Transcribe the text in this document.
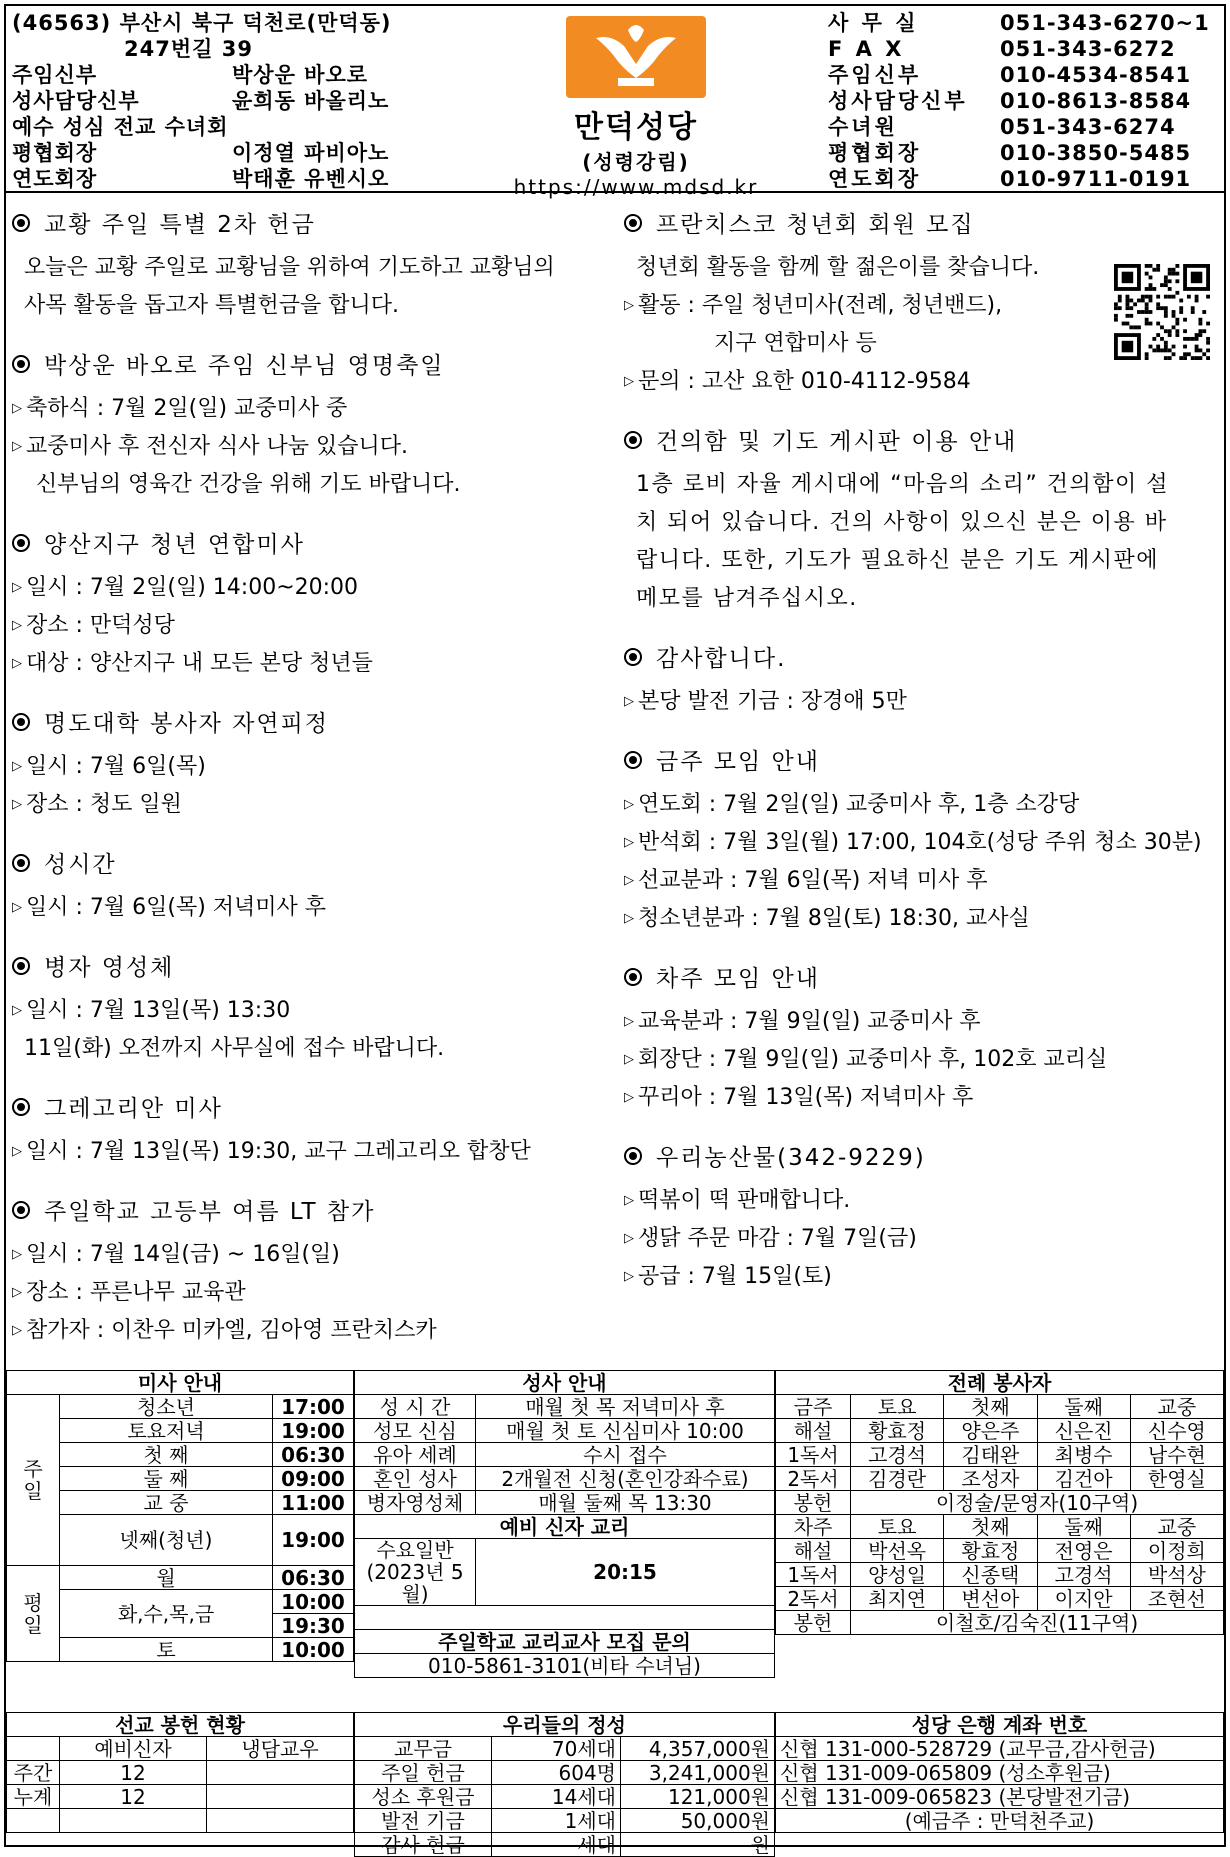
(46563) 부산시 북구 덕천로(만덕동)
247번길 39
주임신부	박상운 바오로
성사담당신부	윤희동 바올리노
예수 성심 전교 수녀회
평협회장	이정열 파비아노
연도회장	박태훈 유벤시오
만덕성당
(성령강림)
https://www.mdsd.kr
사 무 실	051-343-6270~1
F A X	051-343-6272
주임신부	010-4534-8541
성사담당신부	010-8613-8584
수녀원	051-343-6274
평협회장	010-3850-5485
연도회장	010-9711-0191
교황 주일 특별 2차 헌금
오늘은 교황 주일로 교황님을 위하여 기도하고 교황님의
사목 활동을 돕고자 특별헌금을 합니다.
박상운 바오로 주임 신부님 영명축일
▷ 축하식 : 7월 2일(일) 교중미사 중
▷ 교중미사 후 전신자 식사 나눔 있습니다.
신부님의 영육간 건강을 위해 기도 바랍니다.
양산지구 청년 연합미사
▷ 일시 : 7월 2일(일) 14:00~20:00
▷ 장소 : 만덕성당
▷ 대상 : 양산지구 내 모든 본당 청년들
명도대학 봉사자 자연피정
▷ 일시 : 7월 6일(목)
▷ 장소 : 청도 일원
성시간
▷ 일시 : 7월 6일(목) 저녁미사 후
병자 영성체
▷ 일시 : 7월 13일(목) 13:30
11일(화) 오전까지 사무실에 접수 바랍니다.
그레고리안 미사
▷ 일시 : 7월 13일(목) 19:30, 교구 그레고리오 합창단
주일학교 고등부 여름 LT 참가
▷ 일시 : 7월 14일(금) ~ 16일(일)
▷ 장소 : 푸른나무 교육관
▷ 참가자 : 이찬우 미카엘, 김아영 프란치스카
프란치스코 청년회 회원 모집
청년회 활동을 함께 할 젊은이를 찾습니다.
▷ 활동 : 주일 청년미사(전례, 청년밴드),
지구 연합미사 등
▷ 문의 : 고산 요한 010-4112-9584
건의함 및 기도 게시판 이용 안내
1층 로비 자율 게시대에 “마음의 소리” 건의함이 설
치 되어 있습니다. 건의 사항이 있으신 분은 이용 바
랍니다. 또한, 기도가 필요하신 분은 기도 게시판에
메모를 남겨주십시오.
감사합니다.
▷ 본당 발전 기금 : 장경애 5만
금주 모임 안내
▷ 연도회 : 7월 2일(일) 교중미사 후, 1층 소강당
▷ 반석회 : 7월 3일(월) 17:00, 104호(성당 주위 청소 30분)
▷ 선교분과 : 7월 6일(목) 저녁 미사 후
▷ 청소년분과 : 7월 8일(토) 18:30, 교사실
차주 모임 안내
▷ 교육분과 : 7월 9일(일) 교중미사 후
▷ 회장단 : 7월 9일(일) 교중미사 후, 102호 교리실
▷ 꾸리아 : 7월 13일(목) 저녁미사 후
우리농산물(342-9229)
▷ 떡볶이 떡 판매합니다.
▷ 생닭 주문 마감 : 7월 7일(금)
▷ 공급 : 7월 15일(토)
미사 안내		
주
일	청소년	17:00
	토요저녁	19:00
	첫 째	06:30
	둘 째	09:00
	교 중	11:00
	넷째(청년)	19:00
평
일	월	06:30
	화,수,목,금	10:00
		19:30
	토	10:00
성사 안내	
성 시 간	매월 첫 목 저녁미사 후
성모 신심	매월 첫 토 신심미사 10:00
유아 세례	수시 접수
혼인 성사	2개월전 신청(혼인강좌수료)
병자영성체	매월 둘째 목 13:30
예비 신자 교리	
수요일반 (2023년 5월)	20:15

주일학교 교리교사 모집 문의	
010-5861-3101(비타 수녀님)	
전례 봉사자				
금주	토요	첫째	둘째	교중
해설	황효정	양은주	신은진	신수영
1독서	고경석	김태완	최병수	남수현
2독서	김경란	조성자	김건아	한영실
봉헌	이정술/문영자(10구역)			
차주	토요	첫째	둘째	교중
해설	박선옥	황효정	전영은	이정희
1독서	양성일	신종택	고경석	박석상
2독서	최지연	변선아	이지안	조현선
봉헌	이철호/김숙진(11구역)			
선교 봉헌 현황		
	예비신자	냉담교우
주간	12	
누계	12	

우리들의 정성		
교무금	70세대	4,357,000원
주일 헌금	604명	3,241,000원
성소 후원금	14세대	121,000원
발전 기금	1세대	50,000원
감사 헌금	세대	원
성당 은행 계좌 번호
신협 131-000-528729 (교무금,감사헌금)
신협 131-009-065809 (성소후원금)
신협 131-009-065823 (본당발전기금)
(예금주 : 만덕천주교)
